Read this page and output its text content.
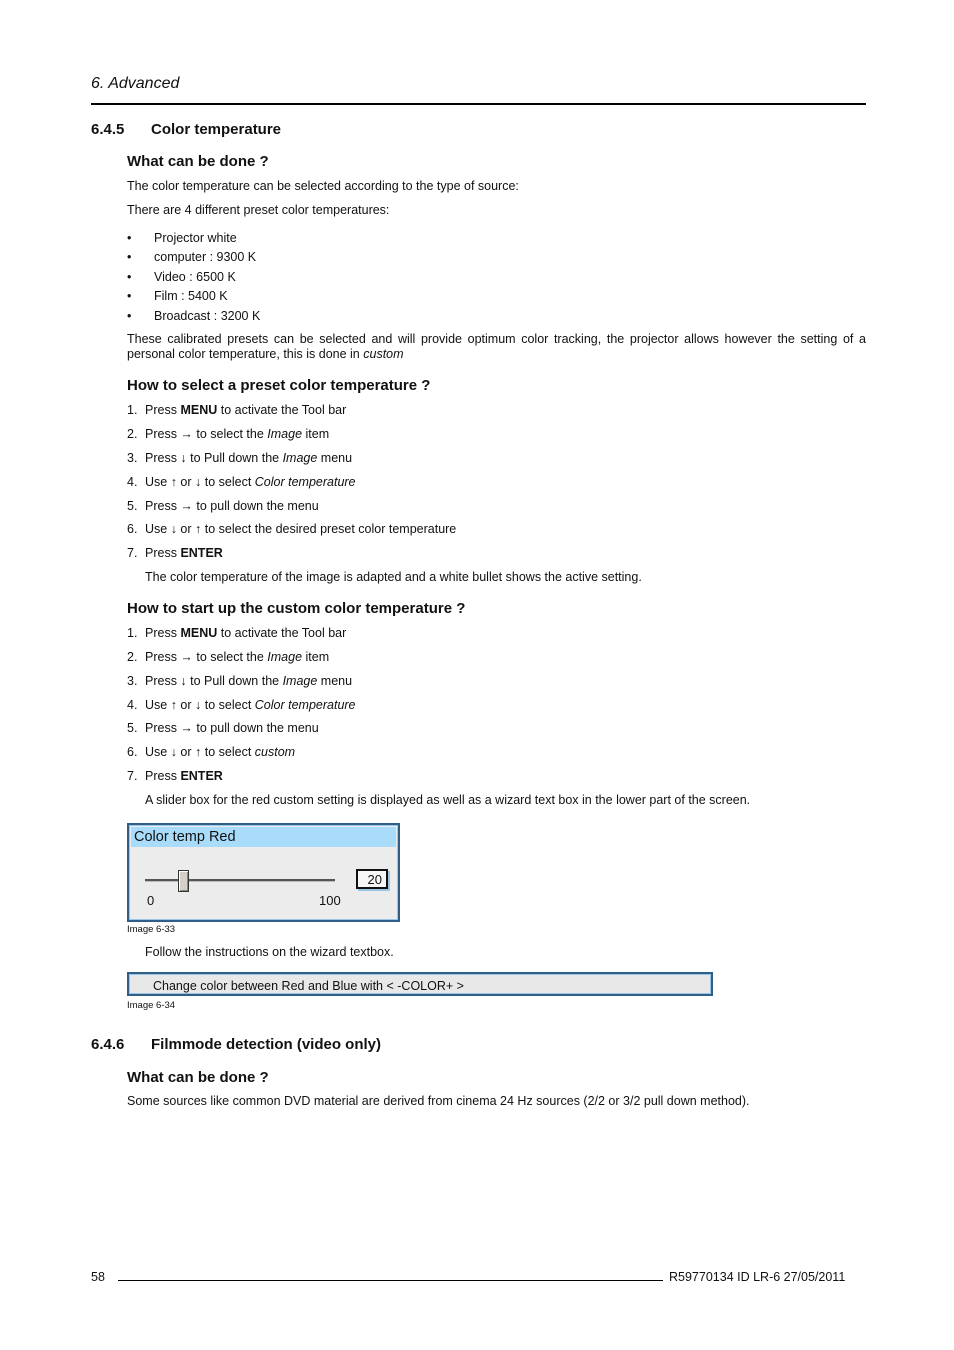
6. Advanced
6.4.5 Color temperature
What can be done ?
The color temperature can be selected according to the type of source:
There are 4 different preset color temperatures:
• Projector white
• computer : 9300 K
• Video : 6500 K
• Film : 5400 K
• Broadcast : 3200 K
These calibrated presets can be selected and will provide optimum color tracking, the projector allows however the setting of a personal color temperature, this is done in custom
How to select a preset color temperature ?
1. Press MENU to activate the Tool bar
2. Press → to select the Image item
3. Press ↓ to Pull down the Image menu
4. Use ↑ or ↓ to select Color temperature
5. Press → to pull down the menu
6. Use ↓ or ↑ to select the desired preset color temperature
7. Press ENTER
The color temperature of the image is adapted and a white bullet shows the active setting.
How to start up the custom color temperature ?
1. Press MENU to activate the Tool bar
2. Press → to select the Image item
3. Press ↓ to Pull down the Image menu
4. Use ↑ or ↓ to select Color temperature
5. Press → to pull down the menu
6. Use ↓ or ↑ to select custom
7. Press ENTER
A slider box for the red custom setting is displayed as well as a wizard text box in the lower part of the screen.
Color temp Red
20
0	100
Image 6-33
Follow the instructions on the wizard textbox.
Change color between Red and Blue with < -COLOR+ >
Image 6-34
6.4.6 Filmmode detection (video only)
What can be done ?
Some sources like common DVD material are derived from cinema 24 Hz sources (2/2 or 3/2 pull down method).
58	R59770134 ID LR-6 27/05/2011
